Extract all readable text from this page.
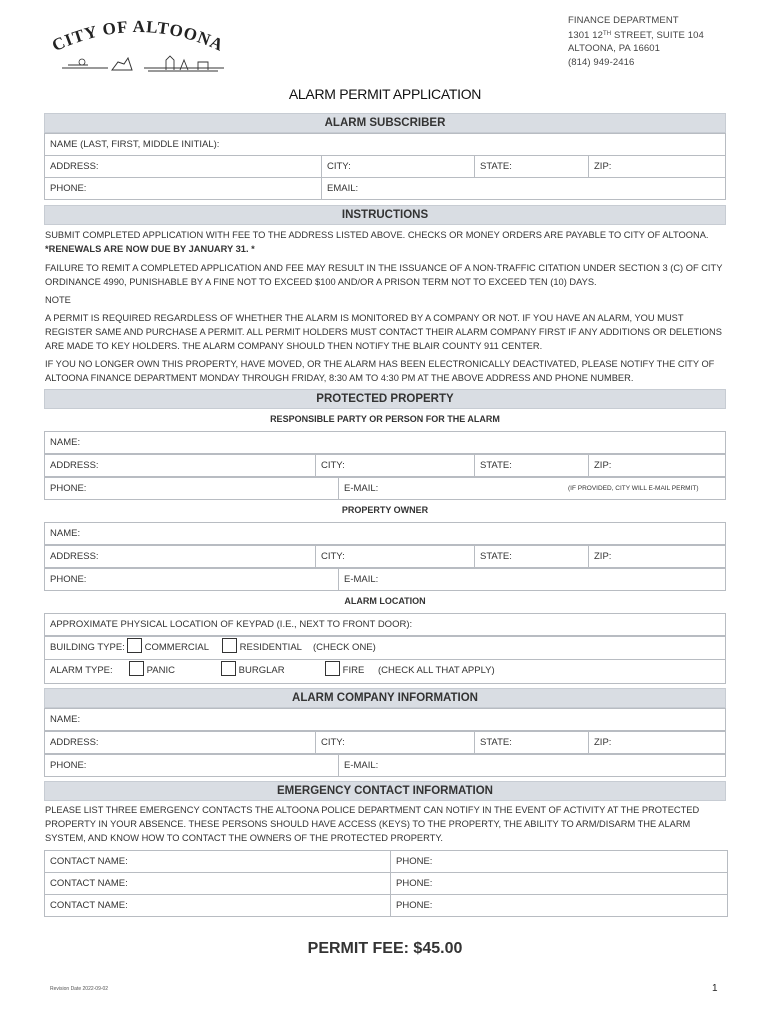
CITY OF ALTOONA
FINANCE DEPARTMENT
1301 12TH STREET, SUITE 104
ALTOONA, PA 16601
(814) 949-2416
ALARM PERMIT APPLICATION
ALARM SUBSCRIBER
NAME (LAST, FIRST, MIDDLE INITIAL):
ADDRESS:	CITY:	STATE:	ZIP:
PHONE:	EMAIL:
INSTRUCTIONS
SUBMIT COMPLETED APPLICATION WITH FEE TO THE ADDRESS LISTED ABOVE. CHECKS OR MONEY ORDERS ARE PAYABLE TO CITY OF ALTOONA.
*RENEWALS ARE NOW DUE BY JANUARY 31. *
FAILURE TO REMIT A COMPLETED APPLICATION AND FEE MAY RESULT IN THE ISSUANCE OF A NON-TRAFFIC CITATION UNDER SECTION 3 (C) OF CITY ORDINANCE 4990, PUNISHABLE BY A FINE NOT TO EXCEED $100 AND/OR A PRISON TERM NOT TO EXCEED TEN (10) DAYS.
NOTE
A PERMIT IS REQUIRED REGARDLESS OF WHETHER THE ALARM IS MONITORED BY A COMPANY OR NOT. IF YOU HAVE AN ALARM, YOU MUST REGISTER SAME AND PURCHASE A PERMIT. ALL PERMIT HOLDERS MUST CONTACT THEIR ALARM COMPANY FIRST IF ANY ADDITIONS OR DELETIONS ARE MADE TO KEY HOLDERS. THE ALARM COMPANY SHOULD THEN NOTIFY THE BLAIR COUNTY 911 CENTER.
IF YOU NO LONGER OWN THIS PROPERTY, HAVE MOVED, OR THE ALARM HAS BEEN ELECTRONICALLY DEACTIVATED, PLEASE NOTIFY THE CITY OF ALTOONA FINANCE DEPARTMENT MONDAY THROUGH FRIDAY, 8:30 AM TO 4:30 PM AT THE ABOVE ADDRESS AND PHONE NUMBER.
PROTECTED PROPERTY
RESPONSIBLE PARTY OR PERSON FOR THE ALARM
NAME:
ADDRESS:	CITY:	STATE:	ZIP:
PHONE:	E-MAIL:	(IF PROVIDED, CITY WILL E-MAIL PERMIT)
PROPERTY OWNER
NAME:
ADDRESS:	CITY:	STATE:	ZIP:
PHONE:	E-MAIL:
ALARM LOCATION
APPROXIMATE PHYSICAL LOCATION OF KEYPAD (I.E., NEXT TO FRONT DOOR):
BUILDING TYPE:	COMMERCIAL	RESIDENTIAL	(CHECK ONE)
ALARM TYPE:	PANIC	BURGLAR	FIRE	(CHECK ALL THAT APPLY)
ALARM COMPANY INFORMATION
NAME:
ADDRESS:	CITY:	STATE:	ZIP:
PHONE:	E-MAIL:
EMERGENCY CONTACT INFORMATION
PLEASE LIST THREE EMERGENCY CONTACTS THE ALTOONA POLICE DEPARTMENT CAN NOTIFY IN THE EVENT OF ACTIVITY AT THE PROTECTED PROPERTY IN YOUR ABSENCE. THESE PERSONS SHOULD HAVE ACCESS (KEYS) TO THE PROPERTY, THE ABILITY TO ARM/DISARM THE ALARM SYSTEM, AND KNOW HOW TO CONTACT THE OWNERS OF THE PROTECTED PROPERTY.
CONTACT NAME:	PHONE:
CONTACT NAME:	PHONE:
CONTACT NAME:	PHONE:
PERMIT FEE: $45.00
Revision Date 2022-09-02	1
